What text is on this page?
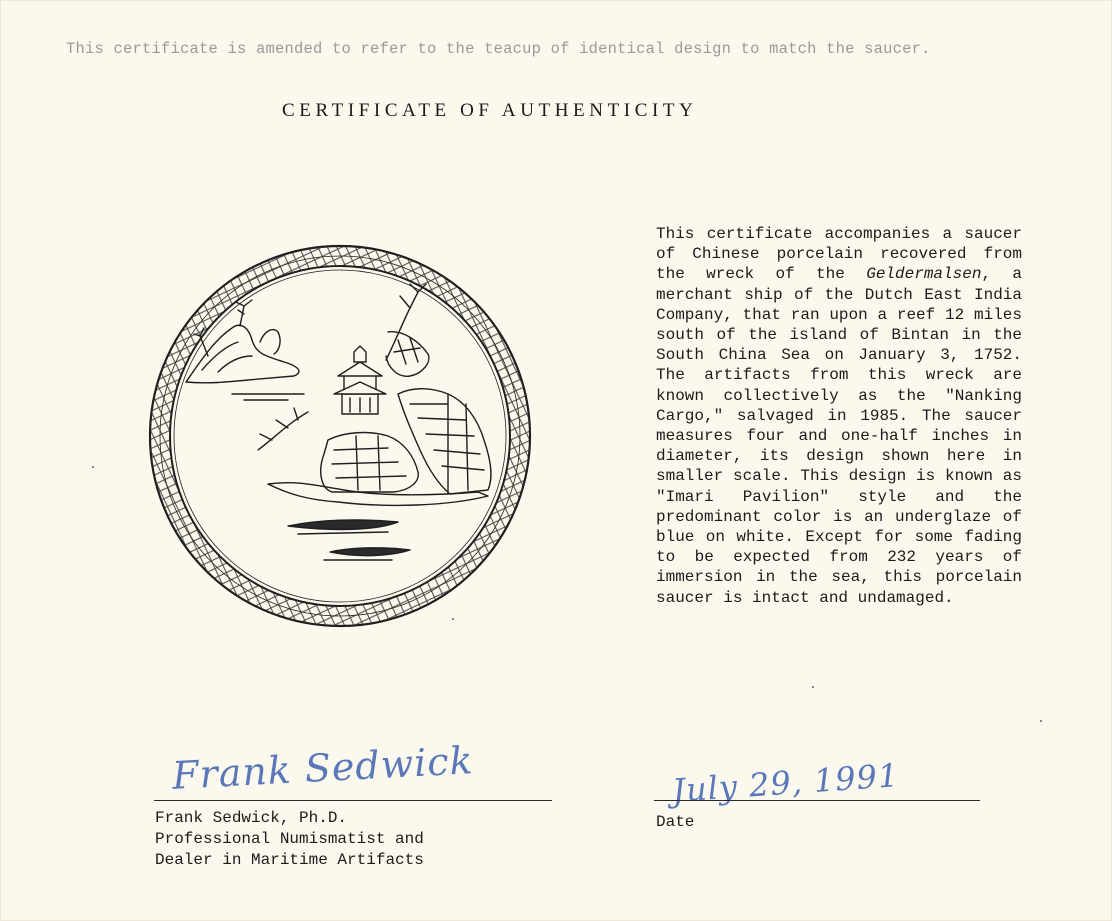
This certificate is amended to refer to the teacup of identical design to match the saucer.
CERTIFICATE OF AUTHENTICITY
This certificate accompanies a saucer of Chinese porcelain recovered from the wreck of the Geldermalsen, a merchant ship of the Dutch East India Company, that ran upon a reef 12 miles south of the island of Bintan in the South China Sea on January 3, 1752. The artifacts from this wreck are known collectively as the "Nanking Cargo," salvaged in 1985. The saucer measures four and one-half inches in diameter, its design shown here in smaller scale. This design is known as "Imari Pavilion" style and the predominant color is an underglaze of blue on white. Except for some fading to be expected from 232 years of immersion in the sea, this porcelain saucer is intact and undamaged.
Frank Sedwick
Frank Sedwick, Ph.D.
Professional Numismatist and
Dealer in Maritime Artifacts
July 29, 1991
Date
